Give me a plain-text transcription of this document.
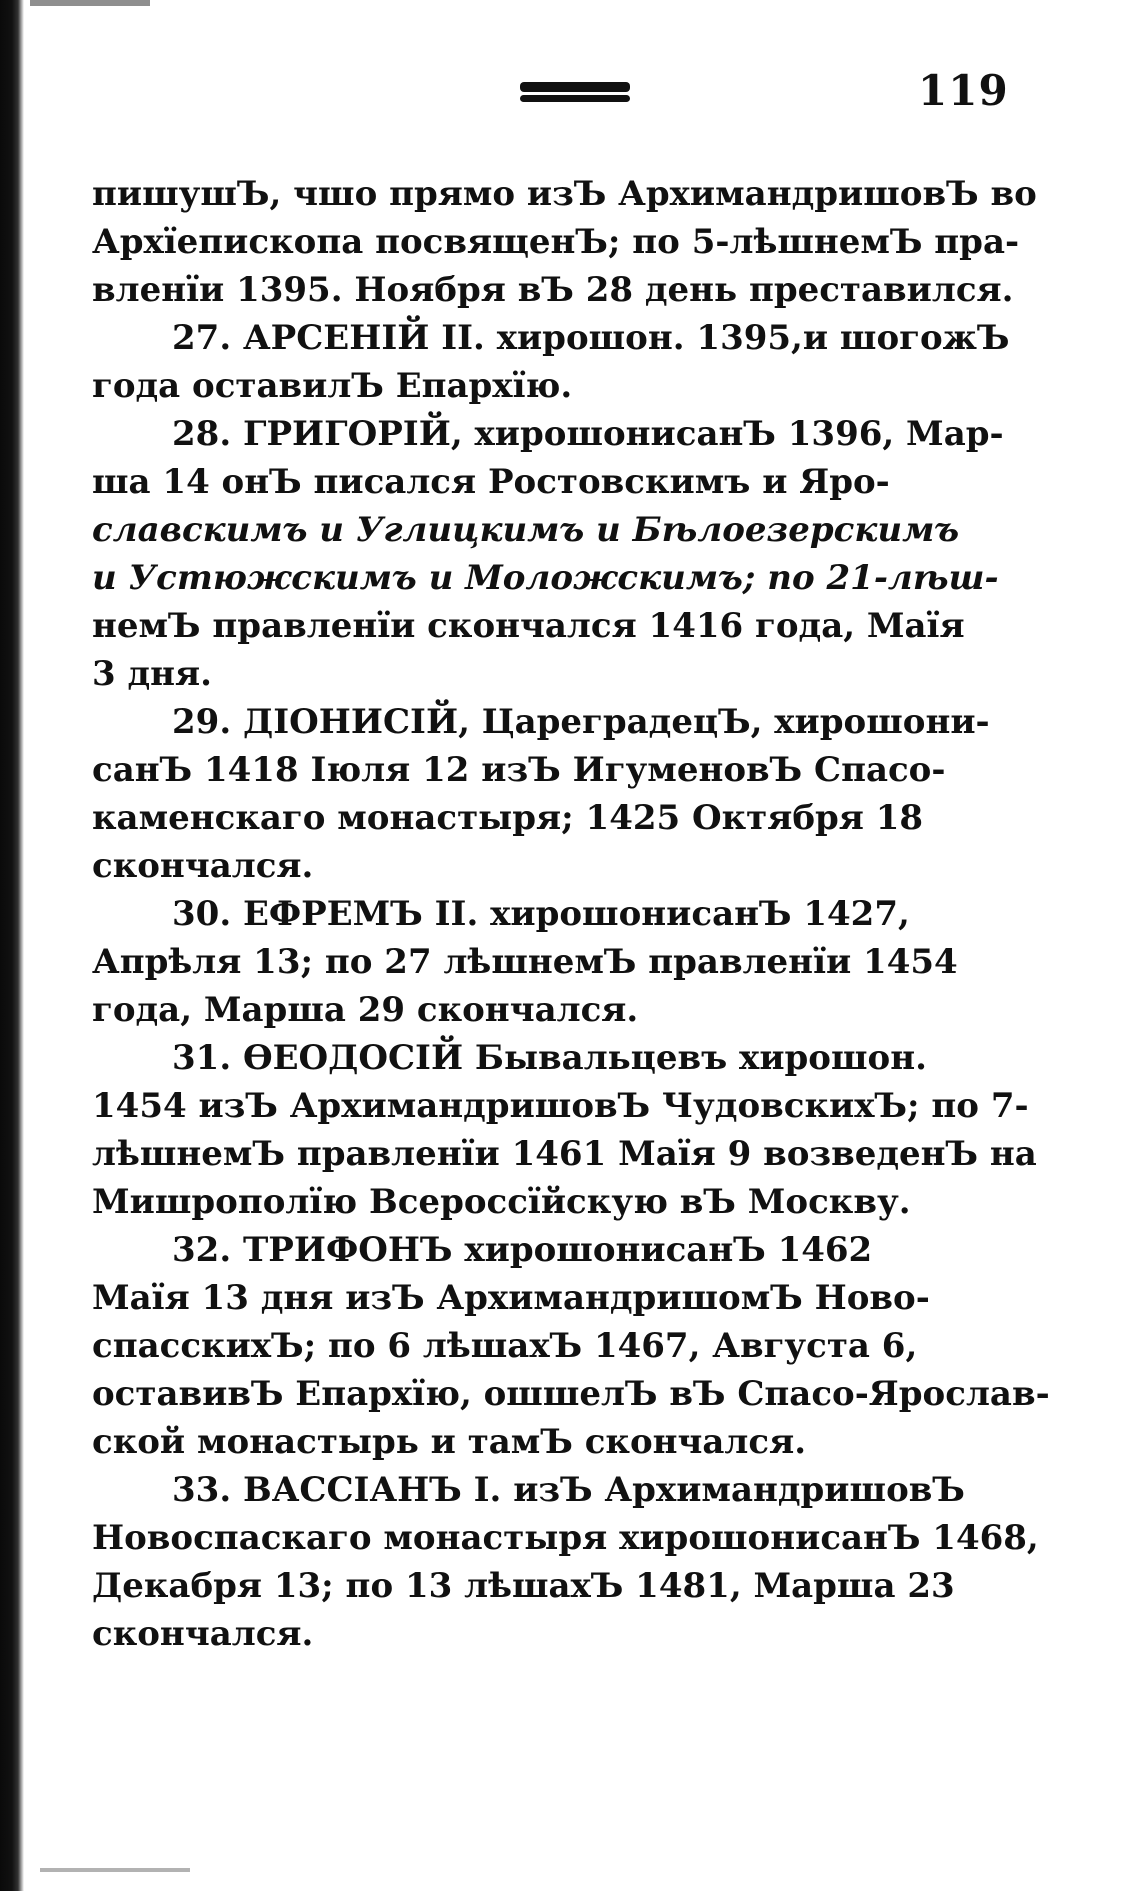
119
пишушЪ, чшо прямо изЪ АрхимандришовЪ во
Архїепископа посвященЪ; по 5-лѣшнемЪ пра-
вленїи 1395. Ноября вЪ 28 день преставился.
27. АРСЕНІЙ II. хирошон. 1395,и шогожЪ
года оставилЪ Епархїю.
28. ГРИГОРІЙ, хирошонисанЪ 1396, Мар-
ша 14 онЪ писался Ростовскимъ и Яро-
славскимъ и Углицкимъ и Бѣлоезерскимъ
и Устюжскимъ и Моложскимъ; по 21-лѣш-
немЪ правленїи скончался 1416 года, Маїя
3 дня.
29. ДІОНИСІЙ, ЦареградецЪ, хирошони-
санЪ 1418 Іюля 12 изЪ ИгуменовЪ Спасо-
каменскаго монастыря; 1425 Октября 18
скончался.
30. ЕФРЕМЪ II. хирошонисанЪ 1427,
Апрѣля 13; по 27 лѣшнемЪ правленїи 1454
года, Марша 29 скончался.
31. ѲЕОДОСІЙ Бывальцевъ хирошон.
1454 изЪ АрхимандришовЪ ЧудовскихЪ; по 7-
лѣшнемЪ правленїи 1461 Маїя 9 возведенЪ на
Мишрополїю Всероссїйскую вЪ Москву.
32. ТРИФОНЪ хирошонисанЪ 1462
Маїя 13 дня изЪ АрхимандришомЪ Ново-
спасскихЪ; по 6 лѣшахЪ 1467, Августа 6,
оставивЪ Епархїю, ошшелЪ вЪ Спасо-Ярослав-
ской монастырь и тамЪ скончался.
33. ВАССІАНЪ I. изЪ АрхимандришовЪ
Новоспаскаго монастыря хирошонисанЪ 1468,
Декабря 13; по 13 лѣшахЪ 1481, Марша 23
скончался.
